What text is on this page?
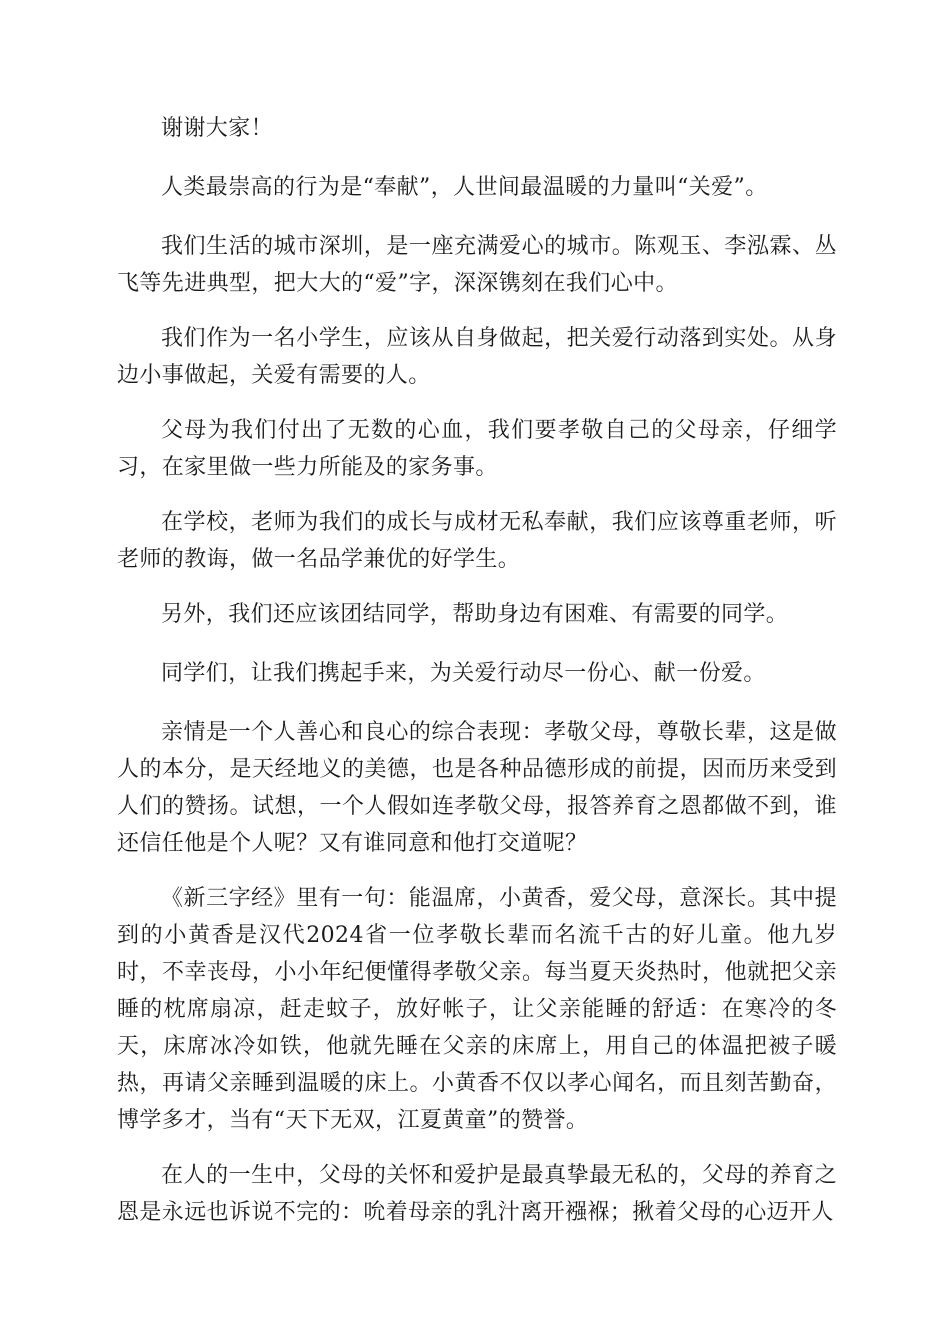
谢谢大家！

人类最崇高的行为是“奉献”，人世间最温暖的力量叫“关爱”。

我们生活的城市深圳，是一座充满爱心的城市。陈观玉、李泓霖、丛飞等先进典型，把大大的“爱”字，深深镌刻在我们心中。

我们作为一名小学生，应该从自身做起，把关爱行动落到实处。从身边小事做起，关爱有需要的人。

父母为我们付出了无数的心血，我们要孝敬自己的父母亲，仔细学习，在家里做一些力所能及的家务事。

在学校，老师为我们的成长与成材无私奉献，我们应该尊重老师，听老师的教诲，做一名品学兼优的好学生。

另外，我们还应该团结同学，帮助身边有困难、有需要的同学。

同学们，让我们携起手来，为关爱行动尽一份心、献一份爱。

亲情是一个人善心和良心的综合表现：孝敬父母，尊敬长辈，这是做人的本分，是天经地义的美德，也是各种品德形成的前提，因而历来受到人们的赞扬。试想，一个人假如连孝敬父母，报答养育之恩都做不到，谁还信任他是个人呢？又有谁同意和他打交道呢？

《新三字经》里有一句：能温席，小黄香，爱父母，意深长。其中提到的小黄香是汉代2024省一位孝敬长辈而名流千古的好儿童。他九岁时，不幸丧母，小小年纪便懂得孝敬父亲。每当夏天炎热时，他就把父亲睡的枕席扇凉，赶走蚊子，放好帐子，让父亲能睡的舒适：在寒冷的冬天，床席冰冷如铁，他就先睡在父亲的床席上，用自己的体温把被子暖热，再请父亲睡到温暖的床上。小黄香不仅以孝心闻名，而且刻苦勤奋，博学多才，当有“天下无双，江夏黄童”的赞誉。

在人的一生中，父母的关怀和爱护是最真挚最无私的，父母的养育之恩是永远也诉说不完的：吮着母亲的乳汁离开襁褓；揪着父母的心迈开人
